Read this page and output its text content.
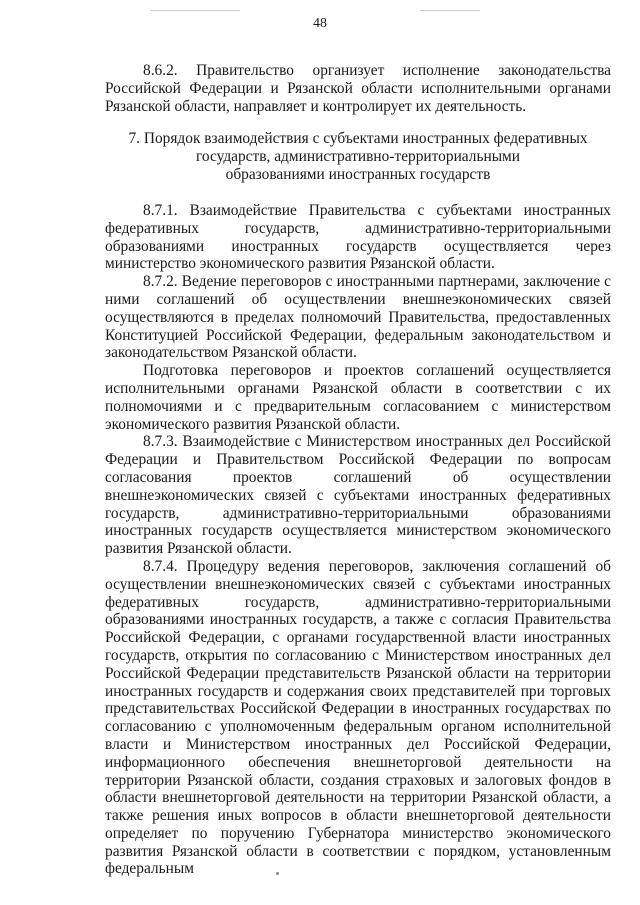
48

8.6.2. Правительство организует исполнение законодательства Российской Федерации и Рязанской области исполнительными органами Рязанской области, направляет и контролирует их деятельность.

7. Порядок взаимодействия с субъектами иностранных федеративных
государств, административно-территориальными
образованиями иностранных государств

8.7.1. Взаимодействие Правительства с субъектами иностранных федеративных государств, административно-территориальными образованиями иностранных государств осуществляется через министерство экономического развития Рязанской области.

8.7.2. Ведение переговоров с иностранными партнерами, заключение с ними соглашений об осуществлении внешнеэкономических связей осуществляются в пределах полномочий Правительства, предоставленных Конституцией Российской Федерации, федеральным законодательством и законодательством Рязанской области.

Подготовка переговоров и проектов соглашений осуществляется исполнительными органами Рязанской области в соответствии с их полномочиями и с предварительным согласованием с министерством экономического развития Рязанской области.

8.7.3. Взаимодействие с Министерством иностранных дел Российской Федерации и Правительством Российской Федерации по вопросам согласования проектов соглашений об осуществлении внешнеэкономических связей с субъектами иностранных федеративных государств, административно-территориальными образованиями иностранных государств осуществляется министерством экономического развития Рязанской области.

8.7.4. Процедуру ведения переговоров, заключения соглашений об осуществлении внешнеэкономических связей с субъектами иностранных федеративных государств, административно-территориальными образованиями иностранных государств, а также с согласия Правительства Российской Федерации, с органами государственной власти иностранных государств, открытия по согласованию с Министерством иностранных дел Российской Федерации представительств Рязанской области на территории иностранных государств и содержания своих представителей при торговых представительствах Российской Федерации в иностранных государствах по согласованию с уполномоченным федеральным органом исполнительной власти и Министерством иностранных дел Российской Федерации, информационного обеспечения внешнеторговой деятельности на территории Рязанской области, создания страховых и залоговых фондов в области внешнеторговой деятельности на территории Рязанской области, а также решения иных вопросов в области внешнеторговой деятельности определяет по поручению Губернатора министерство экономического развития Рязанской области в соответствии с порядком, установленным федеральным
